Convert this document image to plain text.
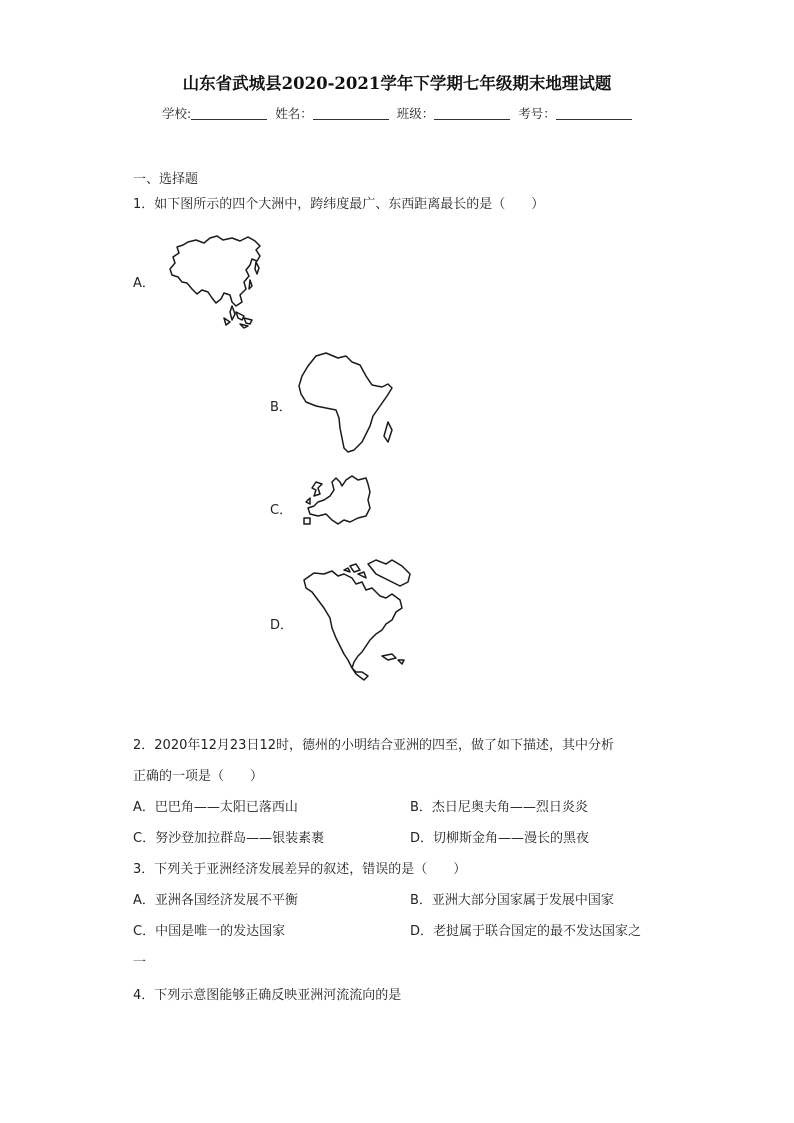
山东省武城县2020-2021学年下学期七年级期末地理试题
学校:	姓名：	班级：	考号：
一、选择题
1．如下图所示的四个大洲中，跨纬度最广、东西距离最长的是（　　）
A．
B．
C．
D．
2．2020年12月23日12时，德州的小明结合亚洲的四至，做了如下描述，其中分析
正确的一项是（　　）
A．巴巴角——太阳已落西山	B．杰日尼奥夫角——烈日炎炎
C．努沙登加拉群岛——银装素裹	D．切柳斯金角——漫长的黑夜
3．下列关于亚洲经济发展差异的叙述，错误的是（　　）
A．亚洲各国经济发展不平衡	B．亚洲大部分国家属于发展中国家
C．中国是唯一的发达国家	D．老挝属于联合国定的最不发达国家之
一
4．下列示意图能够正确反映亚洲河流流向的是
